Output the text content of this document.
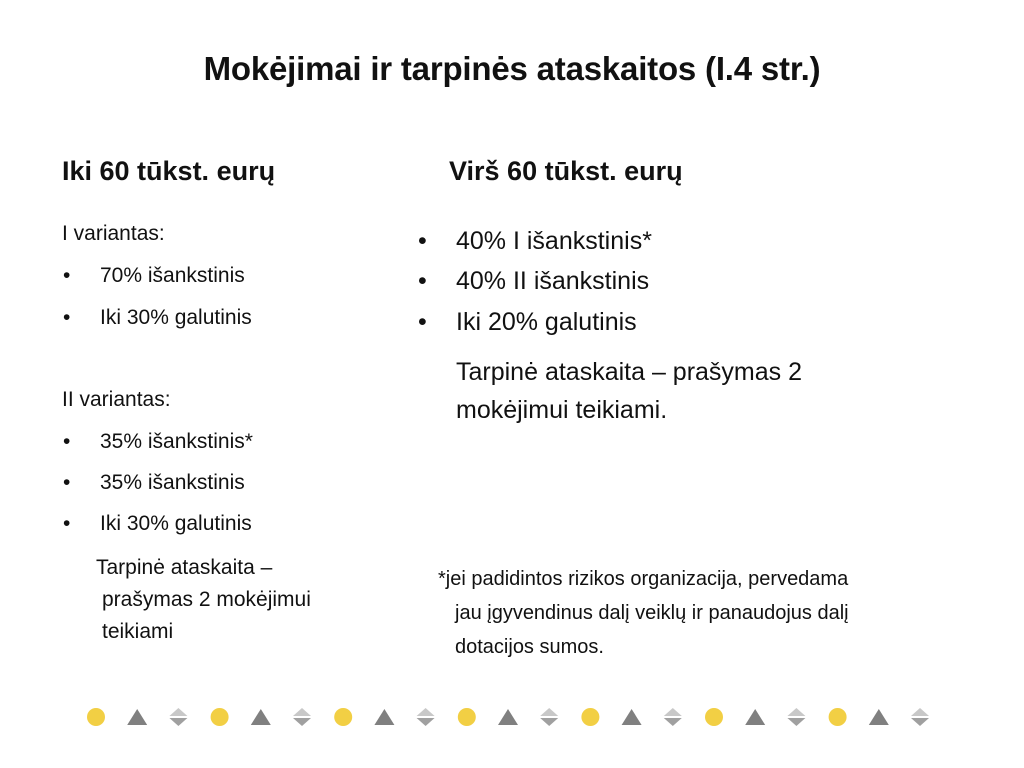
Mokėjimai ir tarpinės ataskaitos (I.4 str.)
Iki 60 tūkst. eurų
I variantas:
• 70% išankstinis
• Iki 30% galutinis
II variantas:
• 35% išankstinis*
• 35% išankstinis
• Iki 30% galutinis
Tarpinė ataskaita –
prašymas 2 mokėjimui
teikiami
Virš 60 tūkst. eurų
• 40% I išankstinis*
• 40% II išankstinis
• Iki 20% galutinis
Tarpinė ataskaita – prašymas 2
mokėjimui teikiami.
*jei padidintos rizikos organizacija, pervedama
jau įgyvendinus dalį veiklų ir panaudojus dalį
dotacijos sumos.
